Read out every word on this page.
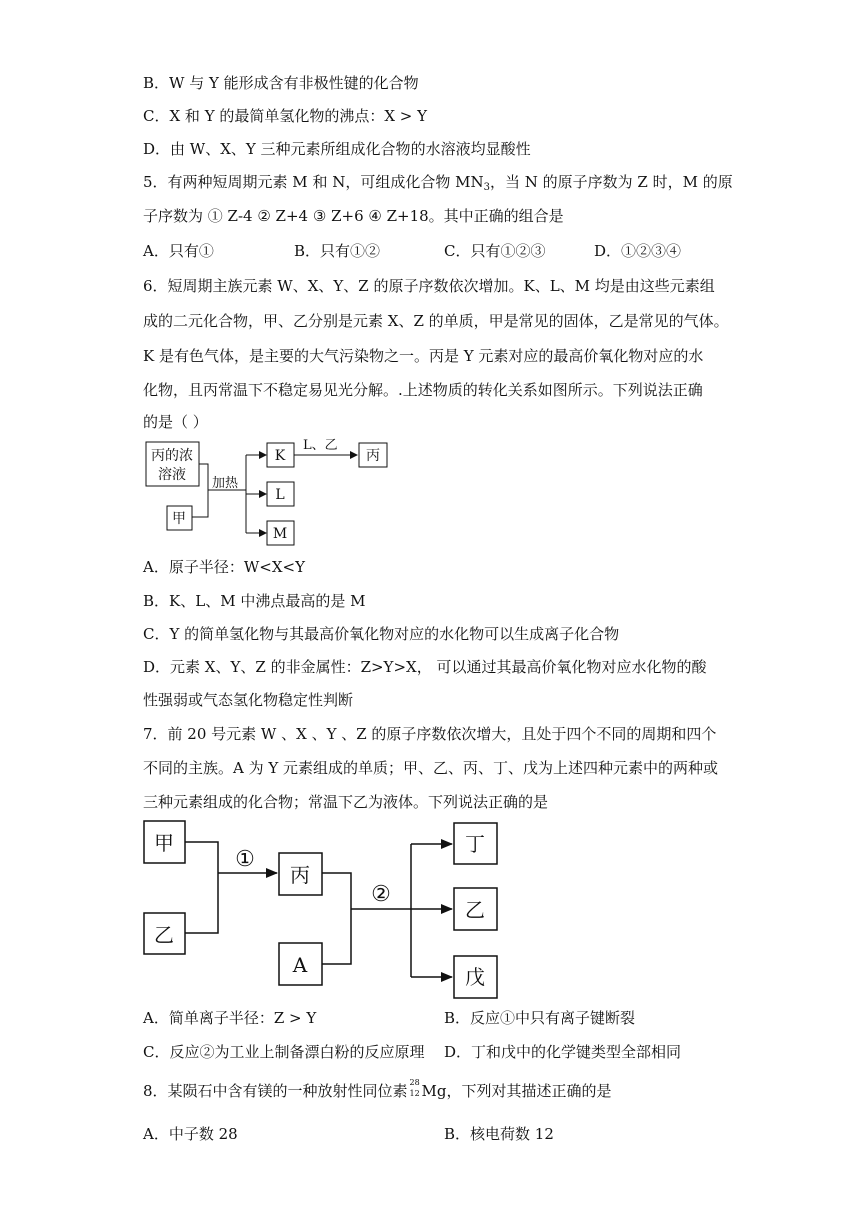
B．W 与 Y 能形成含有非极性键的化合物
C．X 和 Y 的最简单氢化物的沸点：X > Y
D．由 W、X、Y 三种元素所组成化合物的水溶液均显酸性
5．有两种短周期元素 M 和 N，可组成化合物 $MN_3$，当 N 的原子序数为 Z 时，M 的原
子序数为 ① Z-4 ② Z+4 ③ Z+6 ④ Z+18。其中正确的组合是
A．只有①	B．只有①②	C．只有①②③	D．①②③④
6．短周期主族元素 W、X、Y、Z 的原子序数依次增加。K、L、M 均是由这些元素组
成的二元化合物，甲、乙分别是元素 X、Z 的单质，甲是常见的固体，乙是常见的气体。
K 是有色气体，是主要的大气污染物之一。丙是 Y 元素对应的最高价氧化物对应的水
化物，且丙常温下不稳定易见光分解。.上述物质的转化关系如图所示。下列说法正确
的是（ ）
丙的浓
溶液
甲
加热
K
L
M
L、乙
丙
A．原子半径：W<X<Y
B．K、L、M 中沸点最高的是 M
C．Y 的简单氢化物与其最高价氧化物对应的水化物可以生成离子化合物
D．元素 X、Y、Z 的非金属性：Z>Y>X， 可以通过其最高价氧化物对应水化物的酸
性强弱或气态氢化物稳定性判断
7．前 20 号元素 W 、X 、Y 、Z 的原子序数依次增大，且处于四个不同的周期和四个
不同的主族。A 为 Y 元素组成的单质；甲、乙、丙、丁、戊为上述四种元素中的两种或
三种元素组成的化合物；常温下乙为液体。下列说法正确的是
甲
乙
①
丙
A
②
丁
乙
戊
A．简单离子半径：Z > Y	B．反应①中只有离子键断裂
C．反应②为工业上制备漂白粉的反应原理 D．丁和戊中的化学键类型全部相同
8．某陨石中含有镁的一种放射性同位素 28
12 Mg，下列对其描述正确的是
A．中子数 28	B．核电荷数 12
